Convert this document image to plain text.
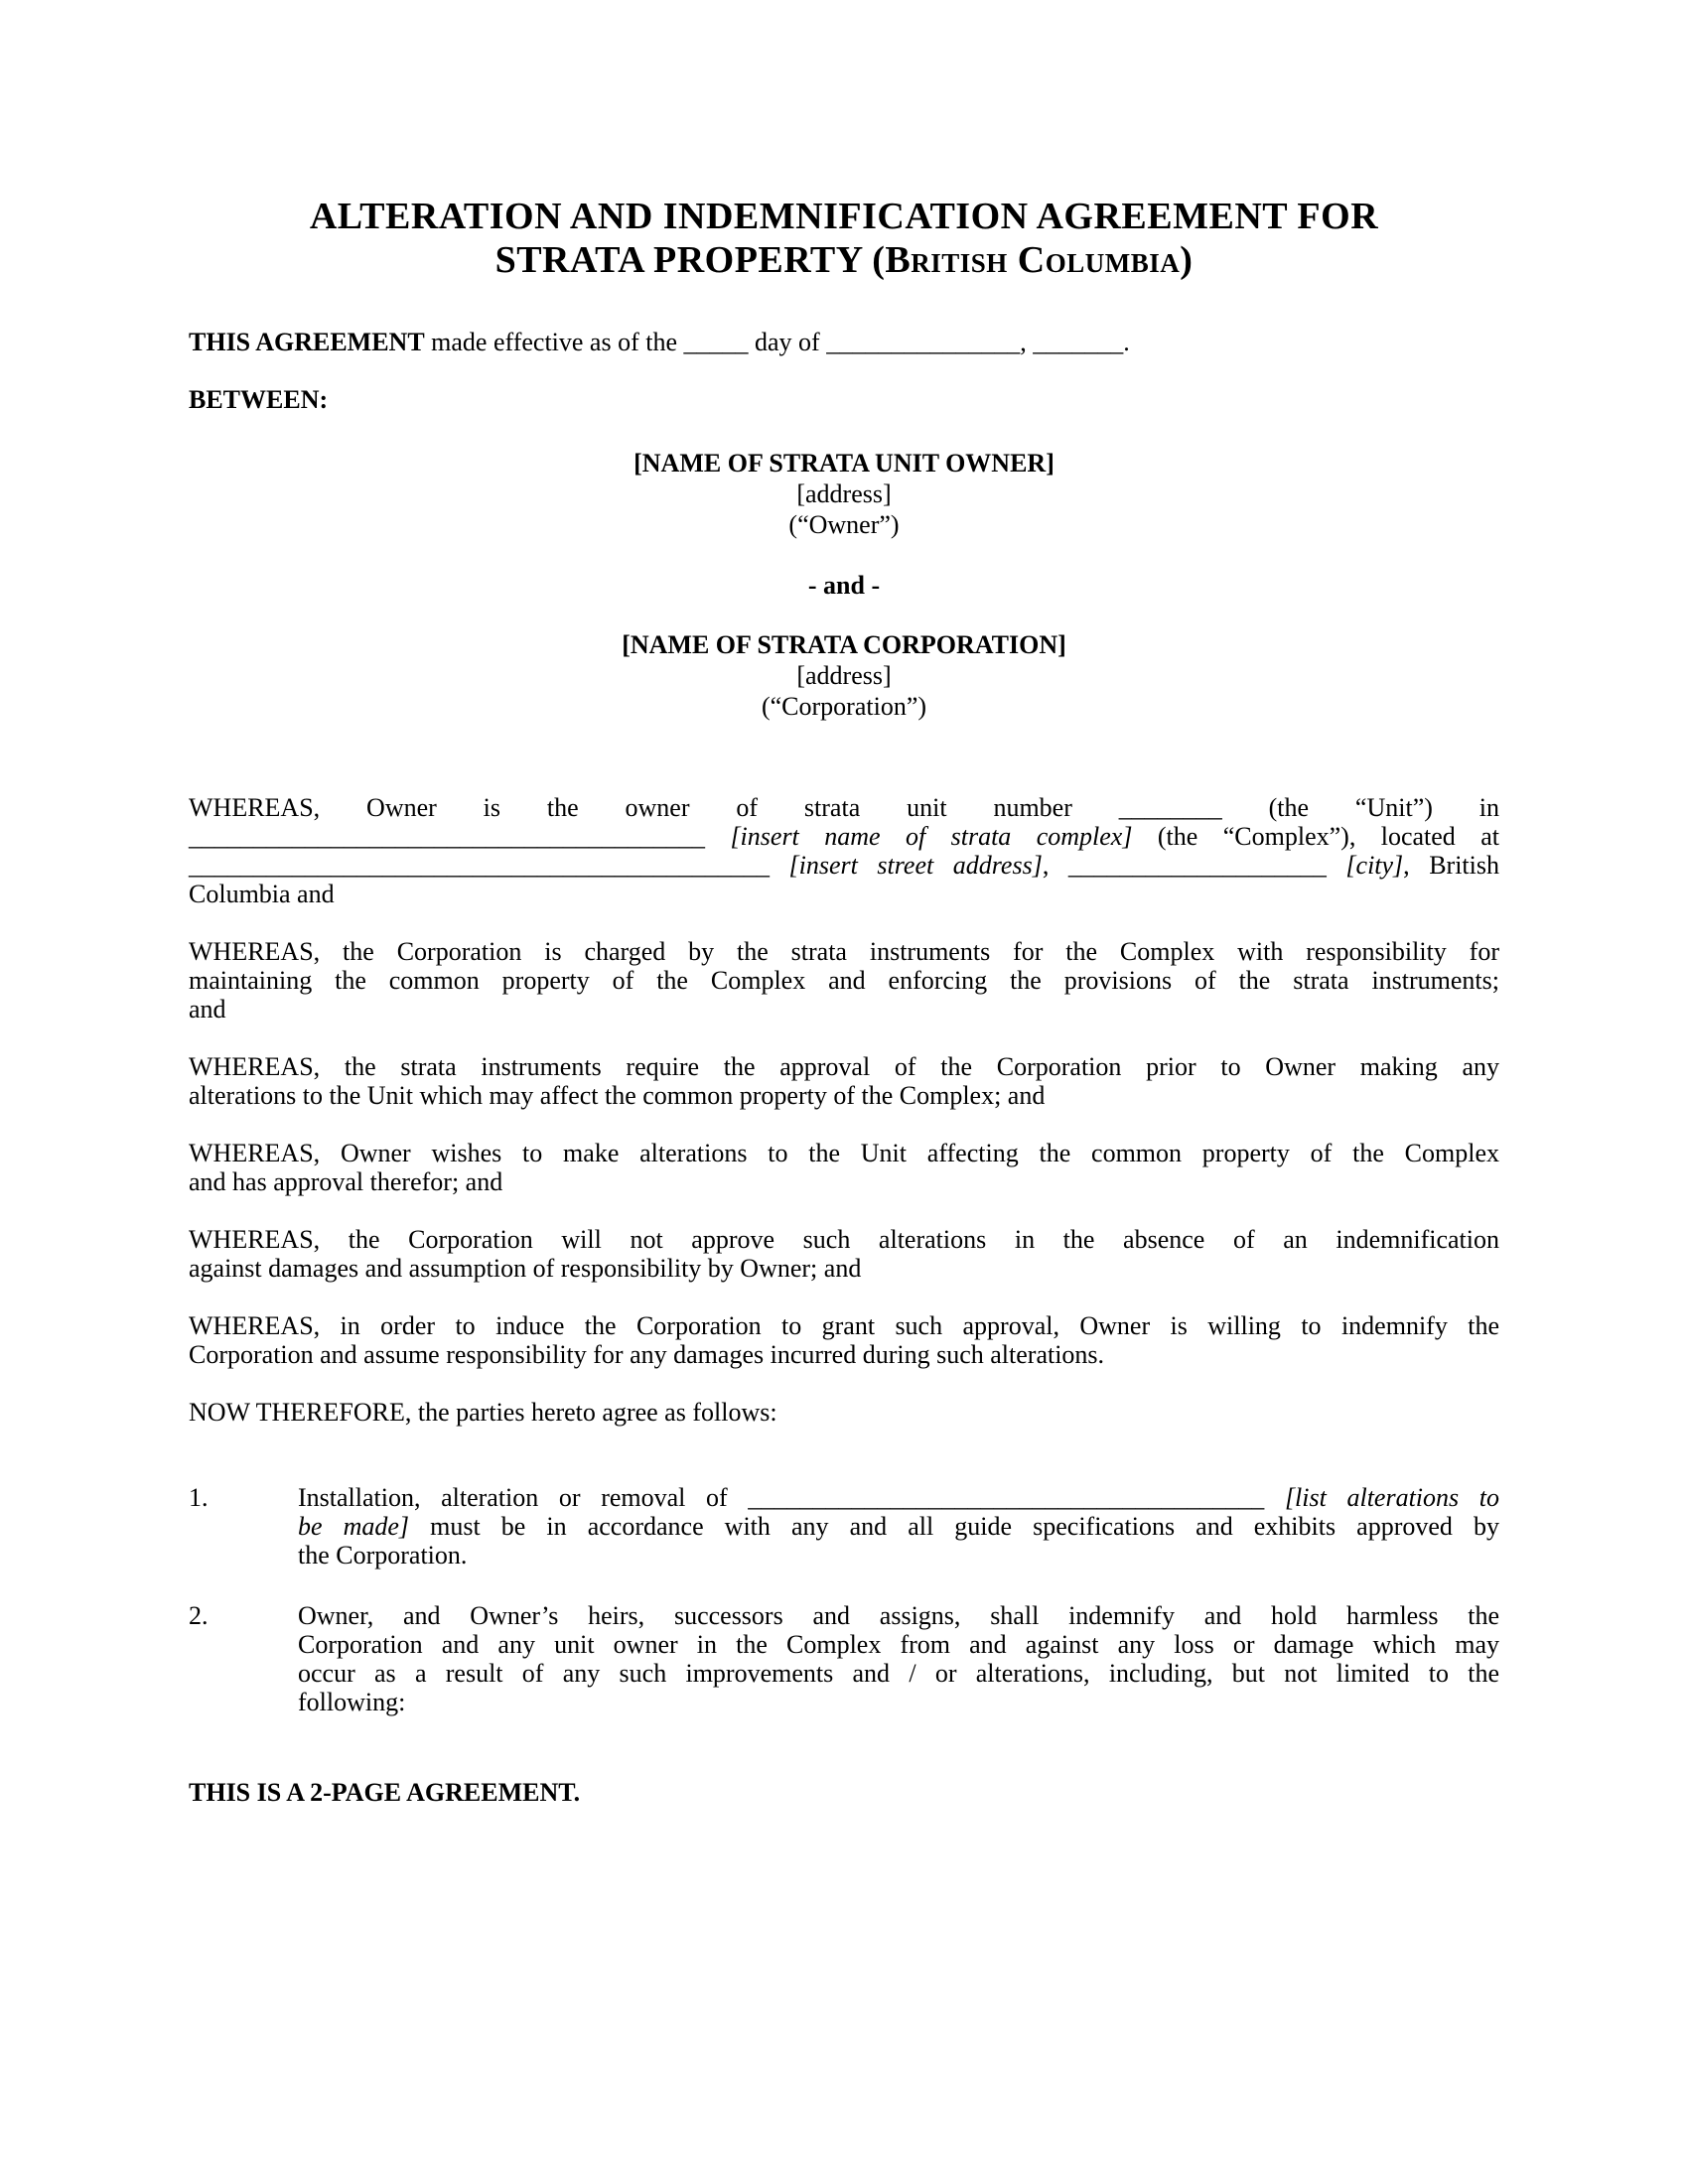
ALTERATION AND INDEMNIFICATION AGREEMENT FOR
STRATA PROPERTY (British Columbia)

THIS AGREEMENT made effective as of the _____ day of _______________, _______.

BETWEEN:

[NAME OF STRATA UNIT OWNER]
[address]
(“Owner”)
- and -
[NAME OF STRATA CORPORATION]
[address]
(“Corporation”)
WHEREAS, Owner is the owner of strata unit number ________ (the “Unit”) in
________________________________________ [insert name of strata complex] (the “Complex”), located at
_____________________________________________ [insert street address], ____________________ [city], British
Columbia and
WHEREAS, the Corporation is charged by the strata instruments for the Complex with responsibility for
maintaining the common property of the Complex and enforcing the provisions of the strata instruments;
and
WHEREAS, the strata instruments require the approval of the Corporation prior to Owner making any
alterations to the Unit which may affect the common property of the Complex; and
WHEREAS, Owner wishes to make alterations to the Unit affecting the common property of the Complex
and has approval therefor; and
WHEREAS, the Corporation will not approve such alterations in the absence of an indemnification
against damages and assumption of responsibility by Owner; and
WHEREAS, in order to induce the Corporation to grant such approval, Owner is willing to indemnify the
Corporation and assume responsibility for any damages incurred during such alterations.
NOW THEREFORE, the parties hereto agree as follows:
1.	Installation, alteration or removal of ________________________________________ [list alterations to
be made] must be in accordance with any and all guide specifications and exhibits approved by
the Corporation.
2.	Owner, and Owner’s heirs, successors and assigns, shall indemnify and hold harmless the
Corporation and any unit owner in the Complex from and against any loss or damage which may
occur as a result of any such improvements and / or alterations, including, but not limited to the
following:

THIS IS A 2-PAGE AGREEMENT.
